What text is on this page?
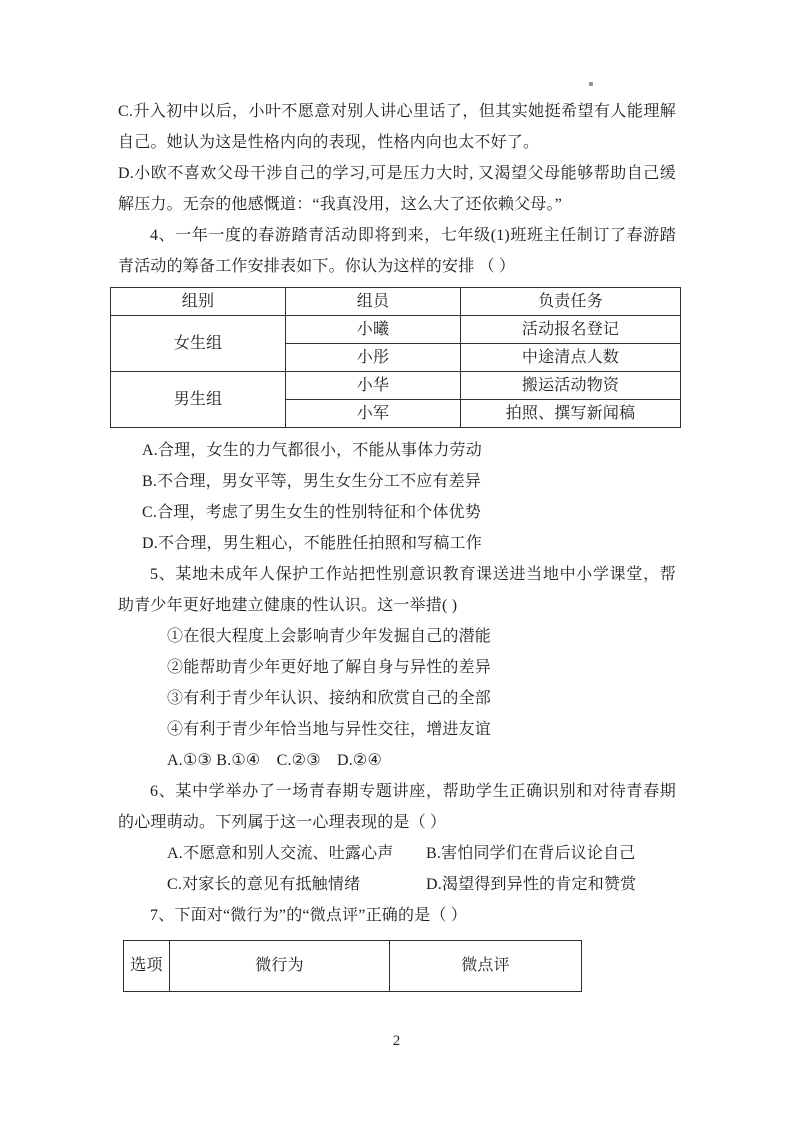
C.升入初中以后，小叶不愿意对别人讲心里话了，但其实她挺希望有人能理解自己。她认为这是性格内向的表现，性格内向也太不好了。

D.小欧不喜欢父母干涉自己的学习,可是压力大时, 又渴望父母能够帮助自己缓解压力。无奈的他感慨道：“我真没用，这么大了还依赖父母。”

4、一年一度的春游踏青活动即将到来，七年级(1)班班主任制订了春游踏青活动的筹备工作安排表如下。你认为这样的安排 （ ）

组别	组员	负责任务
女生组	小曦	活动报名登记
	小彤	中途清点人数
男生组	小华	搬运活动物资
	小军	拍照、撰写新闻稿

A.合理，女生的力气都很小，不能从事体力劳动

B.不合理，男女平等，男生女生分工不应有差异

C.合理，考虑了男生女生的性别特征和个体优势

D.不合理，男生粗心，不能胜任拍照和写稿工作

5、某地未成年人保护工作站把性别意识教育课送进当地中小学课堂，帮助青少年更好地建立健康的性认识。这一举措( )

①在很大程度上会影响青少年发掘自己的潜能

②能帮助青少年更好地了解自身与异性的差异

③有利于青少年认识、接纳和欣赏自己的全部

④有利于青少年恰当地与异性交往，增进友谊

A.①③ B.①④　C.②③　D.②④

6、某中学举办了一场青春期专题讲座，帮助学生正确识别和对待青春期的心理萌动。下列属于这一心理表现的是（ ）

A.不愿意和别人交流、吐露心声	B.害怕同学们在背后议论自己

C.对家长的意见有抵触情绪	D.渴望得到异性的肯定和赞赏

7、下面对“微行为”的“微点评”正确的是（ ）

选项	微行为	微点评
2
